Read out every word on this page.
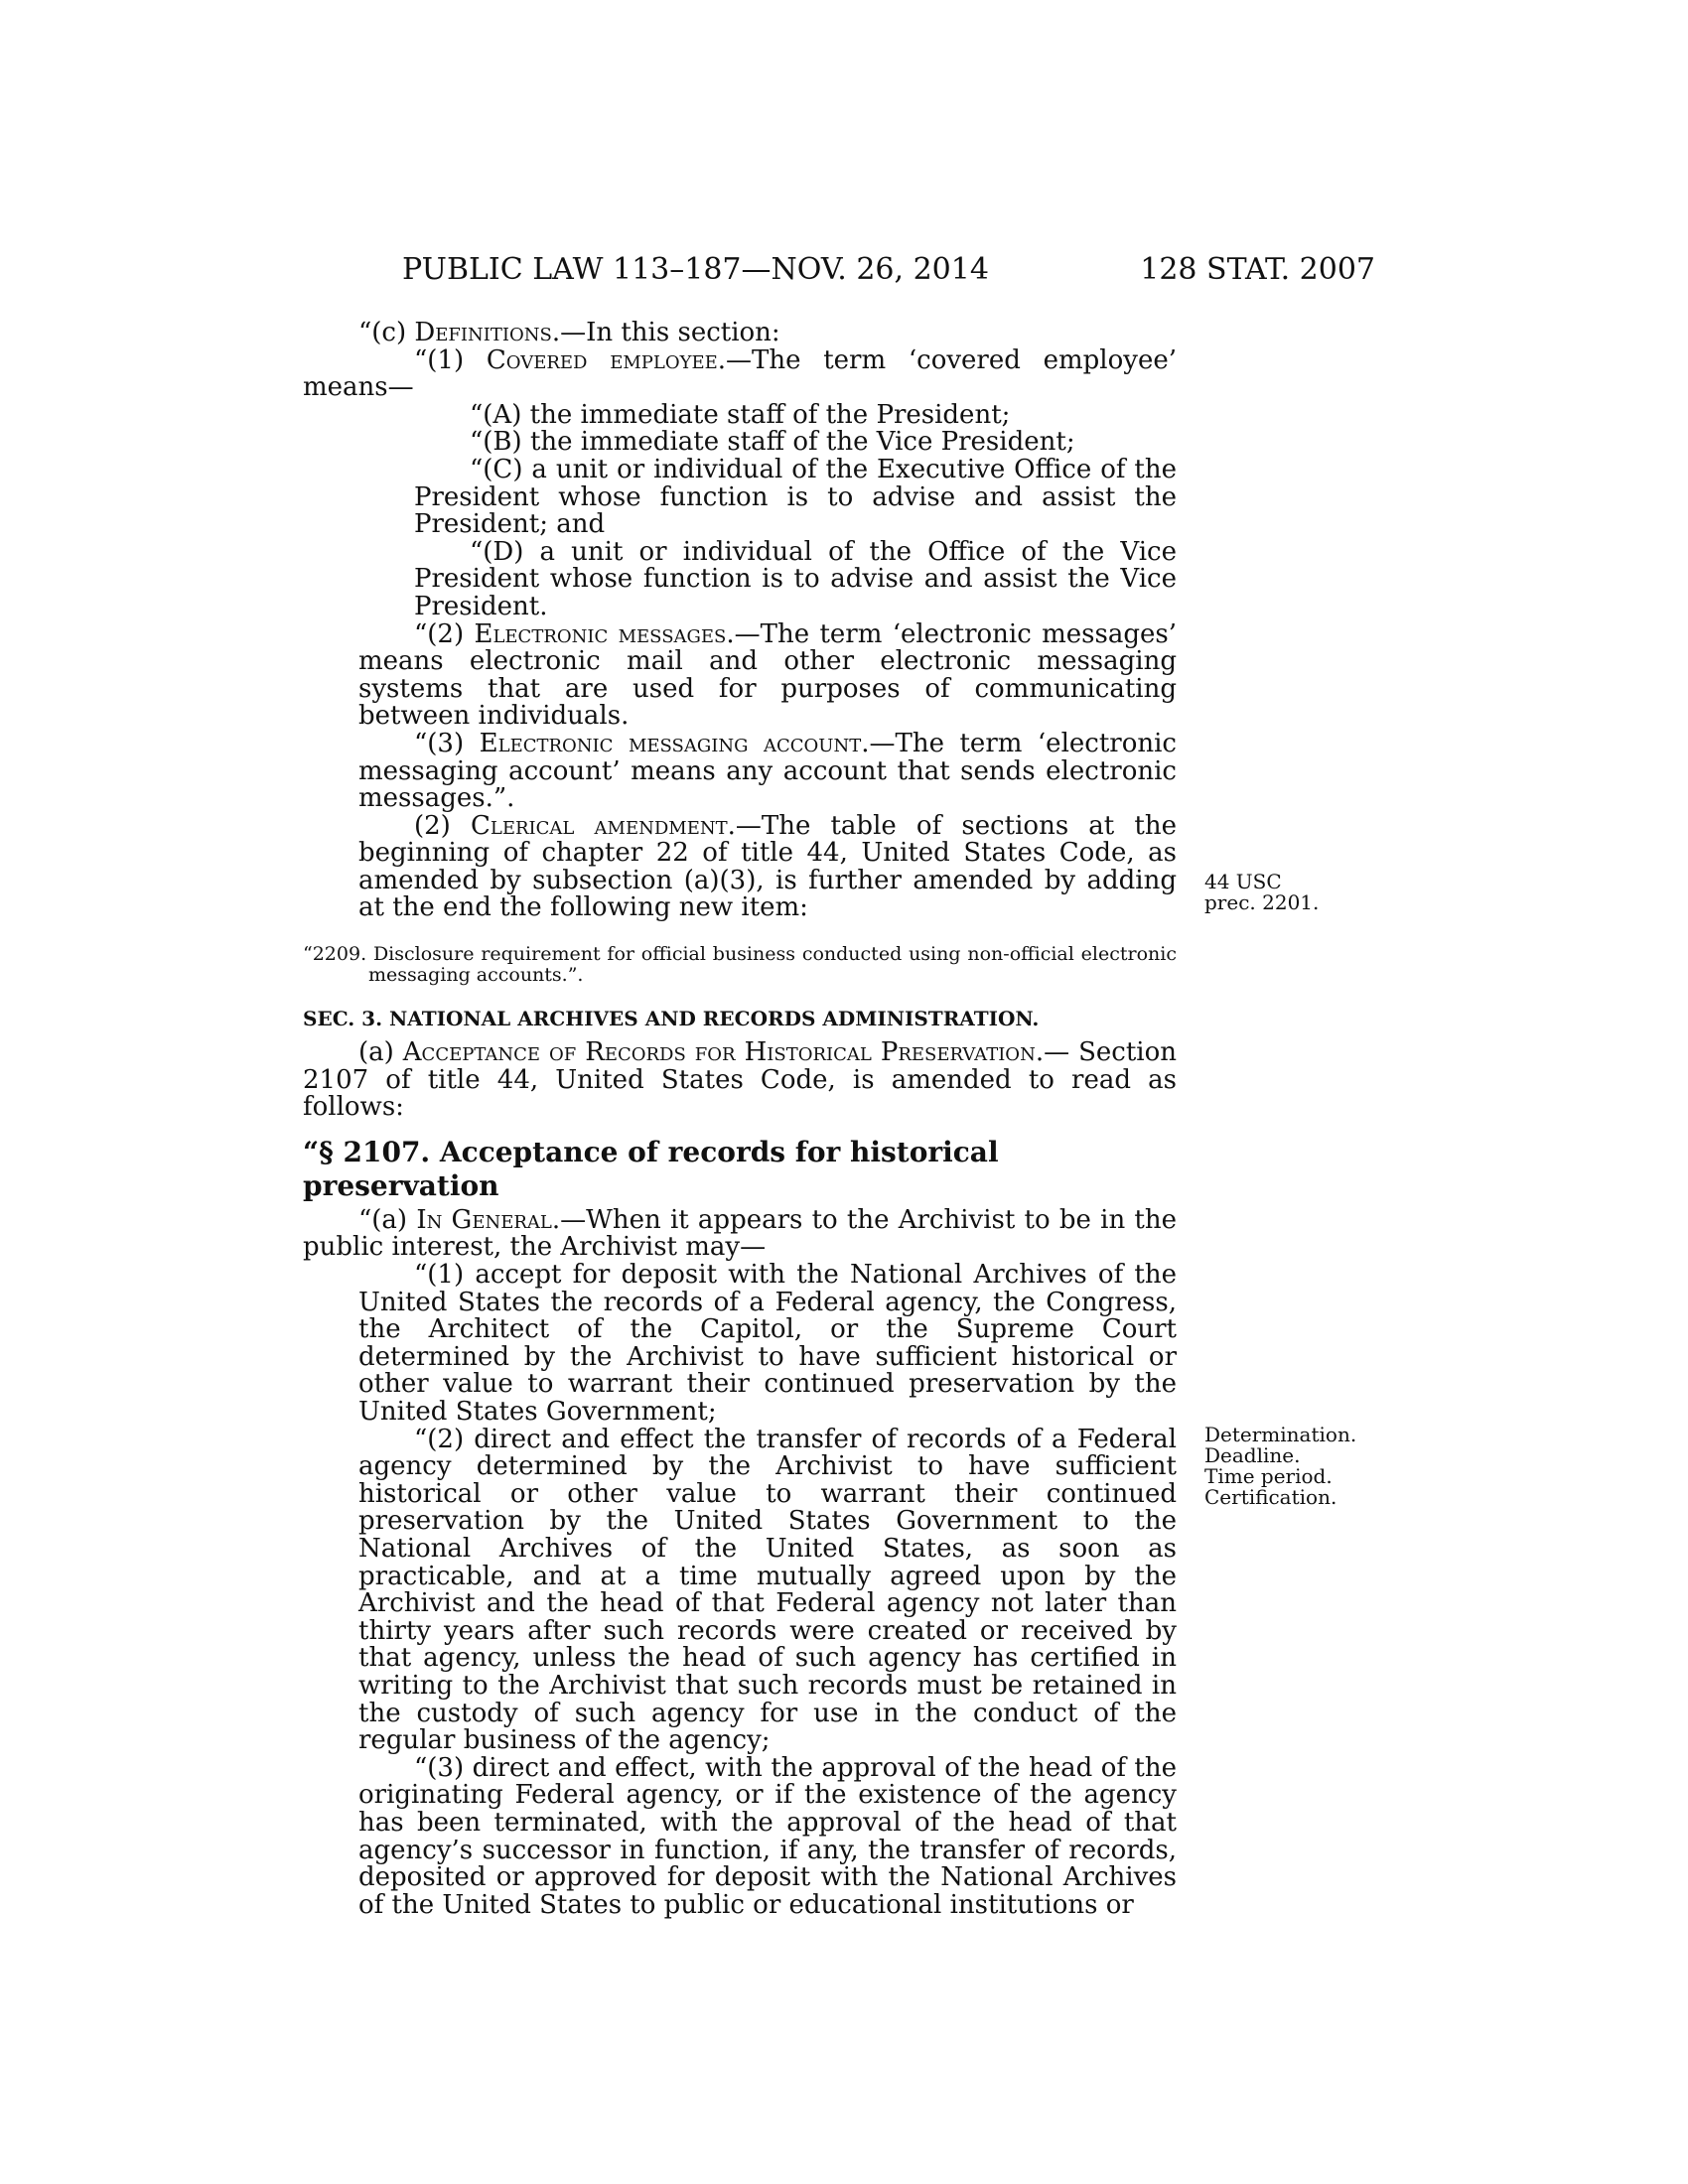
PUBLIC LAW 113–187—NOV. 26, 2014	128 STAT. 2007

“(c) Definitions.—In this section:

“(1) Covered employee.—The term ‘covered employee’ means—

“(A) the immediate staff of the President;

“(B) the immediate staff of the Vice President;

“(C) a unit or individual of the Executive Office of the President whose function is to advise and assist the President; and

“(D) a unit or individual of the Office of the Vice President whose function is to advise and assist the Vice President.

“(2) Electronic messages.—The term ‘electronic messages’ means electronic mail and other electronic messaging systems that are used for purposes of communicating between individuals.

“(3) Electronic messaging account.—The term ‘electronic messaging account’ means any account that sends electronic messages.”.

(2) Clerical amendment.—The table of sections at the beginning of chapter 22 of title 44, United States Code, as amended by subsection (a)(3), is further amended by adding at the end the following new item:

“2209. Disclosure requirement for official business conducted using non-official electronic messaging accounts.”.

SEC. 3. NATIONAL ARCHIVES AND RECORDS ADMINISTRATION.

(a) Acceptance of Records for Historical Preservation.— Section 2107 of title 44, United States Code, is amended to read as follows:

“§ 2107. Acceptance of records for historical preservation

“(a) In General.—When it appears to the Archivist to be in the public interest, the Archivist may—

“(1) accept for deposit with the National Archives of the United States the records of a Federal agency, the Congress, the Architect of the Capitol, or the Supreme Court determined by the Archivist to have sufficient historical or other value to warrant their continued preservation by the United States Government;

“(2) direct and effect the transfer of records of a Federal agency determined by the Archivist to have sufficient historical or other value to warrant their continued preservation by the United States Government to the National Archives of the United States, as soon as practicable, and at a time mutually agreed upon by the Archivist and the head of that Federal agency not later than thirty years after such records were created or received by that agency, unless the head of such agency has certified in writing to the Archivist that such records must be retained in the custody of such agency for use in the conduct of the regular business of the agency;

“(3) direct and effect, with the approval of the head of the originating Federal agency, or if the existence of the agency has been terminated, with the approval of the head of that agency’s successor in function, if any, the transfer of records, deposited or approved for deposit with the National Archives of the United States to public or educational institutions or

44 USC

prec. 2201.

Determination.

Deadline.

Time period.

Certification.
